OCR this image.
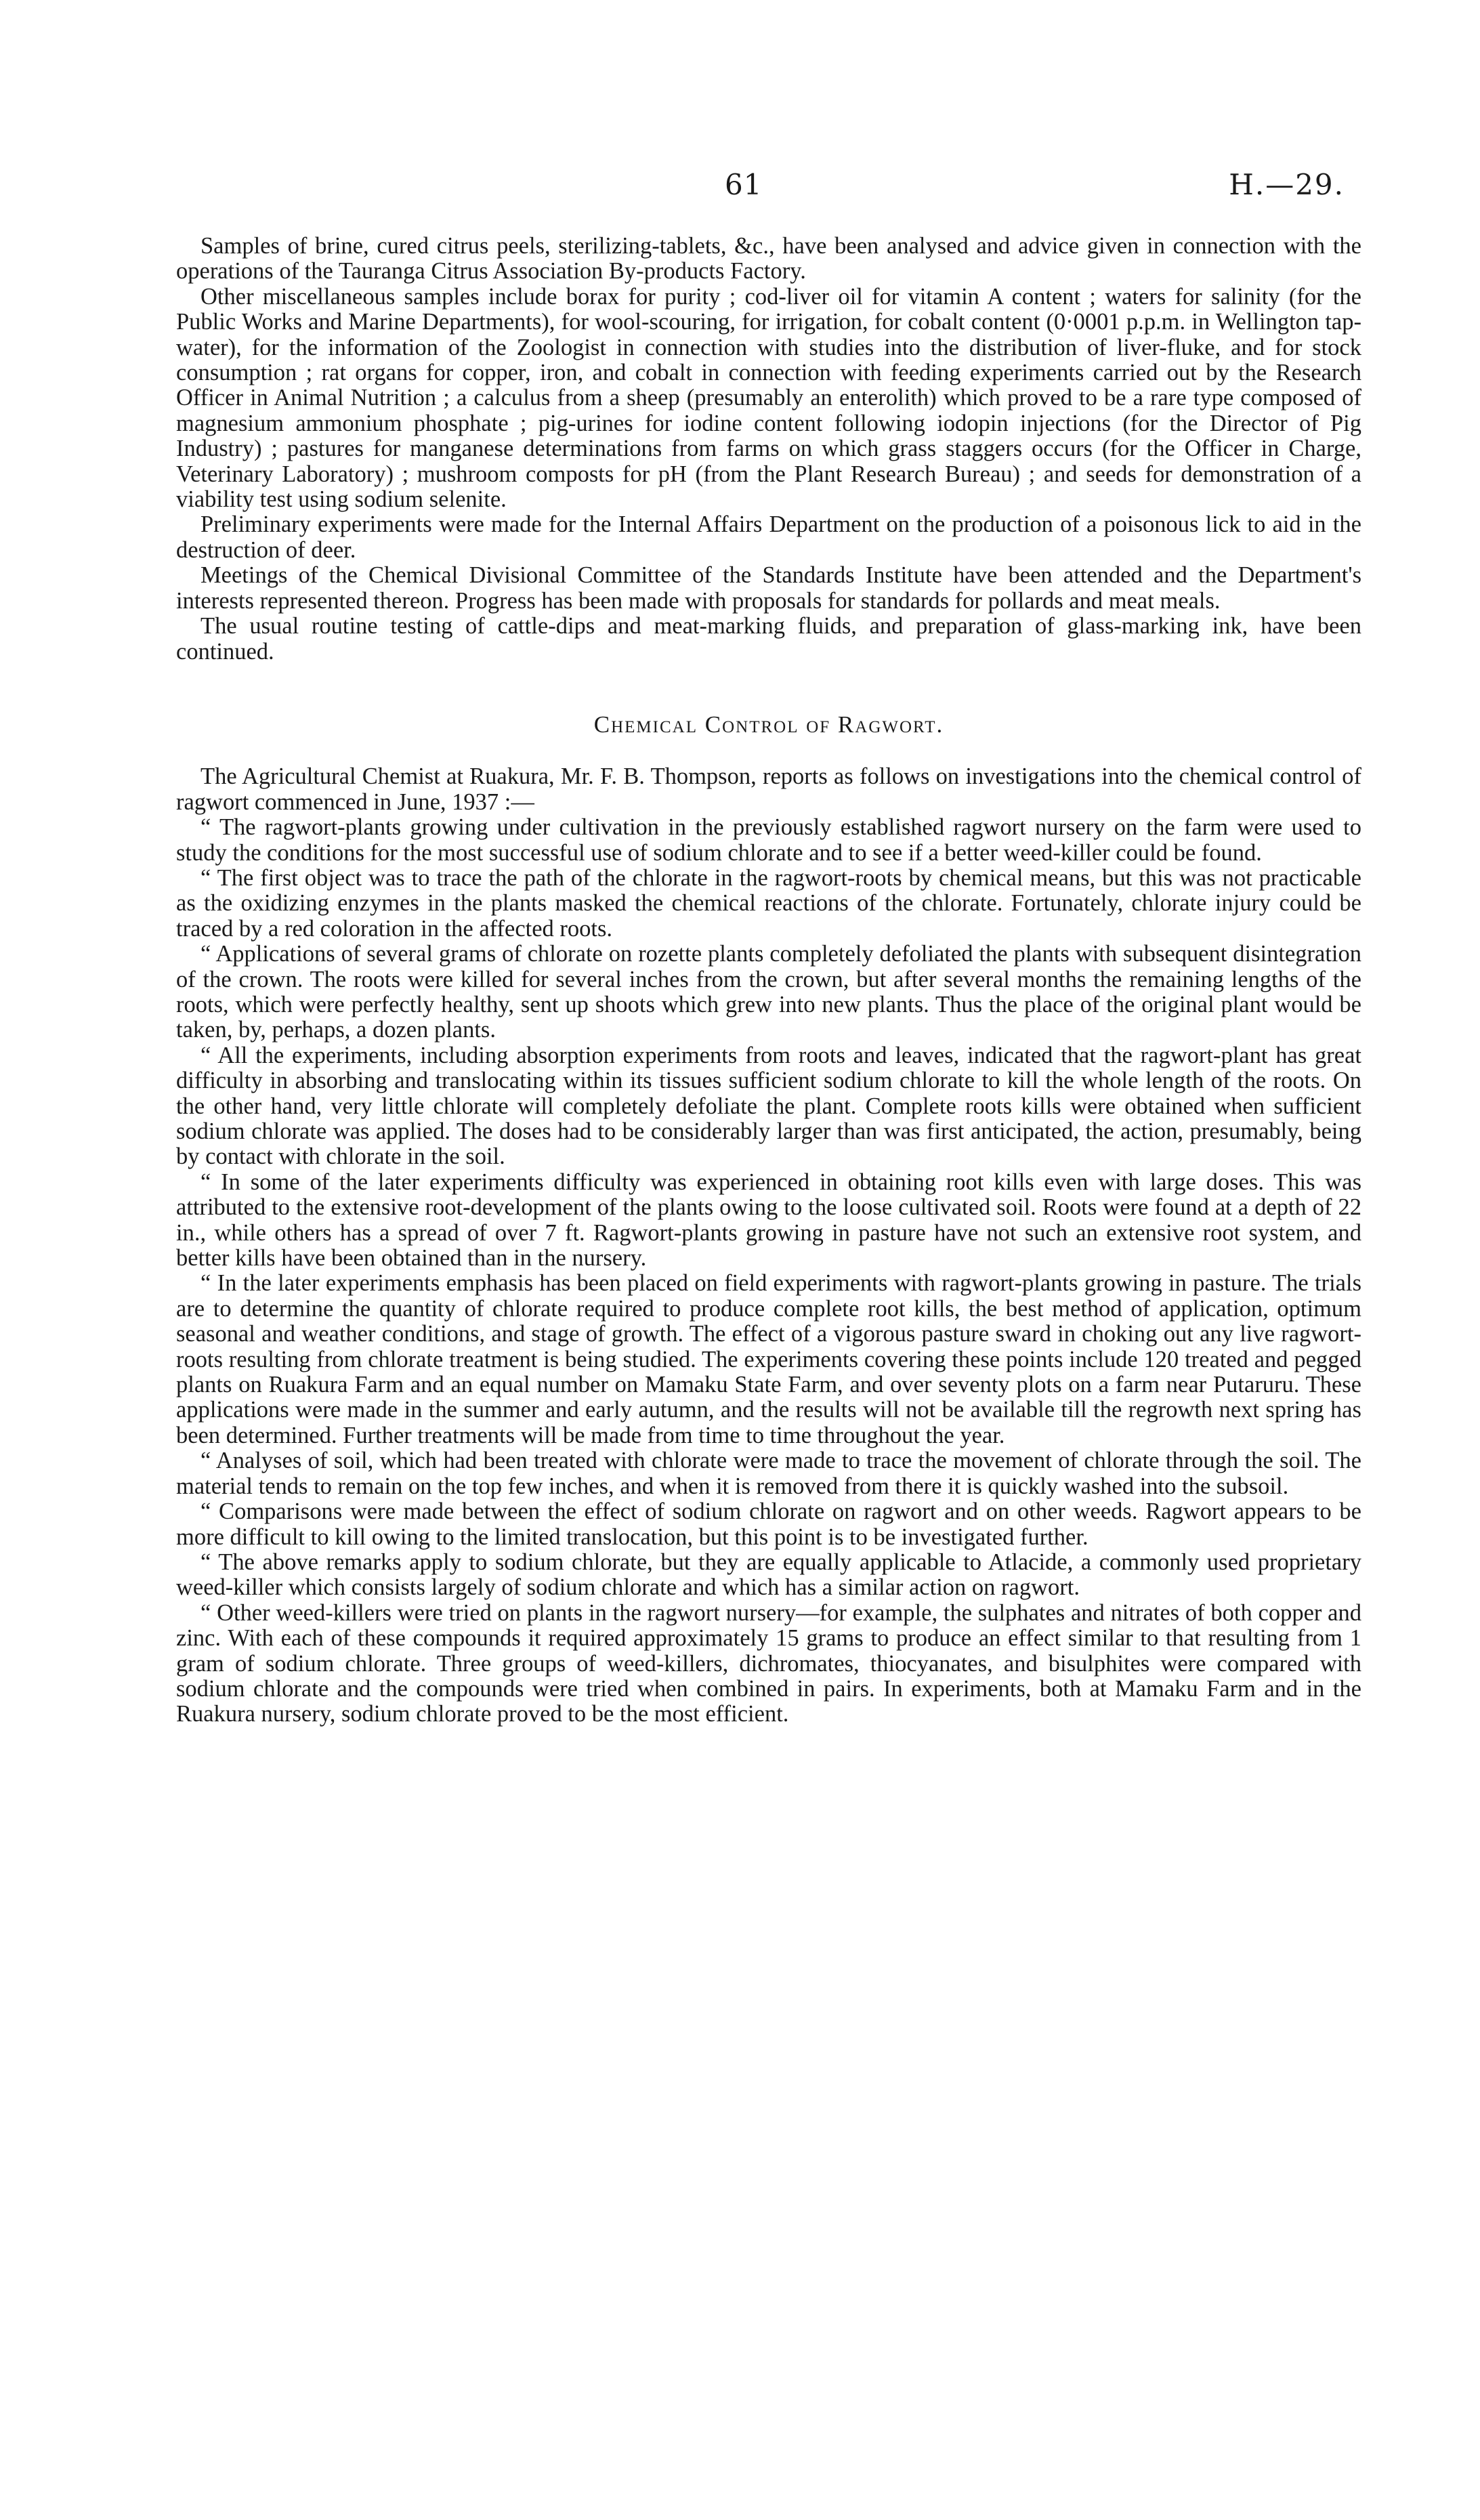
61	H.—29.

Samples of brine, cured citrus peels, sterilizing-tablets, &c., have been analysed and advice given in connection with the operations of the Tauranga Citrus Association By-products Factory.

Other miscellaneous samples include borax for purity ; cod-liver oil for vitamin A content ; waters for salinity (for the Public Works and Marine Departments), for wool-scouring, for irrigation, for cobalt content (0·0001 p.p.m. in Wellington tap-water), for the information of the Zoologist in connection with studies into the distribution of liver-fluke, and for stock consumption ; rat organs for copper, iron, and cobalt in connection with feeding experiments carried out by the Research Officer in Animal Nutrition ; a calculus from a sheep (presumably an enterolith) which proved to be a rare type composed of magnesium ammonium phosphate ; pig-urines for iodine content following iodopin injections (for the Director of Pig Industry) ; pastures for manganese determinations from farms on which grass staggers occurs (for the Officer in Charge, Veterinary Laboratory) ; mushroom composts for pH (from the Plant Research Bureau) ; and seeds for demonstration of a viability test using sodium selenite.

Preliminary experiments were made for the Internal Affairs Department on the production of a poisonous lick to aid in the destruction of deer.

Meetings of the Chemical Divisional Committee of the Standards Institute have been attended and the Department's interests represented thereon. Progress has been made with proposals for standards for pollards and meat meals.

The usual routine testing of cattle-dips and meat-marking fluids, and preparation of glass-marking ink, have been continued.

Chemical Control of Ragwort.

The Agricultural Chemist at Ruakura, Mr. F. B. Thompson, reports as follows on investigations into the chemical control of ragwort commenced in June, 1937 :—

“ The ragwort-plants growing under cultivation in the previously established ragwort nursery on the farm were used to study the conditions for the most successful use of sodium chlorate and to see if a better weed-killer could be found.

“ The first object was to trace the path of the chlorate in the ragwort-roots by chemical means, but this was not practicable as the oxidizing enzymes in the plants masked the chemical reactions of the chlorate. Fortunately, chlorate injury could be traced by a red coloration in the affected roots.

“ Applications of several grams of chlorate on rozette plants completely defoliated the plants with subsequent disintegration of the crown. The roots were killed for several inches from the crown, but after several months the remaining lengths of the roots, which were perfectly healthy, sent up shoots which grew into new plants. Thus the place of the original plant would be taken, by, perhaps, a dozen plants.

“ All the experiments, including absorption experiments from roots and leaves, indicated that the ragwort-plant has great difficulty in absorbing and translocating within its tissues sufficient sodium chlorate to kill the whole length of the roots. On the other hand, very little chlorate will completely defoliate the plant. Complete roots kills were obtained when sufficient sodium chlorate was applied. The doses had to be considerably larger than was first anticipated, the action, presumably, being by contact with chlorate in the soil.

“ In some of the later experiments difficulty was experienced in obtaining root kills even with large doses. This was attributed to the extensive root-development of the plants owing to the loose cultivated soil. Roots were found at a depth of 22 in., while others has a spread of over 7 ft. Ragwort-plants growing in pasture have not such an extensive root system, and better kills have been obtained than in the nursery.

“ In the later experiments emphasis has been placed on field experiments with ragwort-plants growing in pasture. The trials are to determine the quantity of chlorate required to produce complete root kills, the best method of application, optimum seasonal and weather conditions, and stage of growth. The effect of a vigorous pasture sward in choking out any live ragwort-roots resulting from chlorate treatment is being studied. The experiments covering these points include 120 treated and pegged plants on Ruakura Farm and an equal number on Mamaku State Farm, and over seventy plots on a farm near Putaruru. These applications were made in the summer and early autumn, and the results will not be available till the regrowth next spring has been determined. Further treatments will be made from time to time throughout the year.

“ Analyses of soil, which had been treated with chlorate were made to trace the movement of chlorate through the soil. The material tends to remain on the top few inches, and when it is removed from there it is quickly washed into the subsoil.

“ Comparisons were made between the effect of sodium chlorate on ragwort and on other weeds. Ragwort appears to be more difficult to kill owing to the limited translocation, but this point is to be investigated further.

“ The above remarks apply to sodium chlorate, but they are equally applicable to Atlacide, a commonly used proprietary weed-killer which consists largely of sodium chlorate and which has a similar action on ragwort.

“ Other weed-killers were tried on plants in the ragwort nursery—for example, the sulphates and nitrates of both copper and zinc. With each of these compounds it required approximately 15 grams to produce an effect similar to that resulting from 1 gram of sodium chlorate. Three groups of weed-killers, dichromates, thiocyanates, and bisulphites were compared with sodium chlorate and the compounds were tried when combined in pairs. In experiments, both at Mamaku Farm and in the Ruakura nursery, sodium chlorate proved to be the most efficient.
